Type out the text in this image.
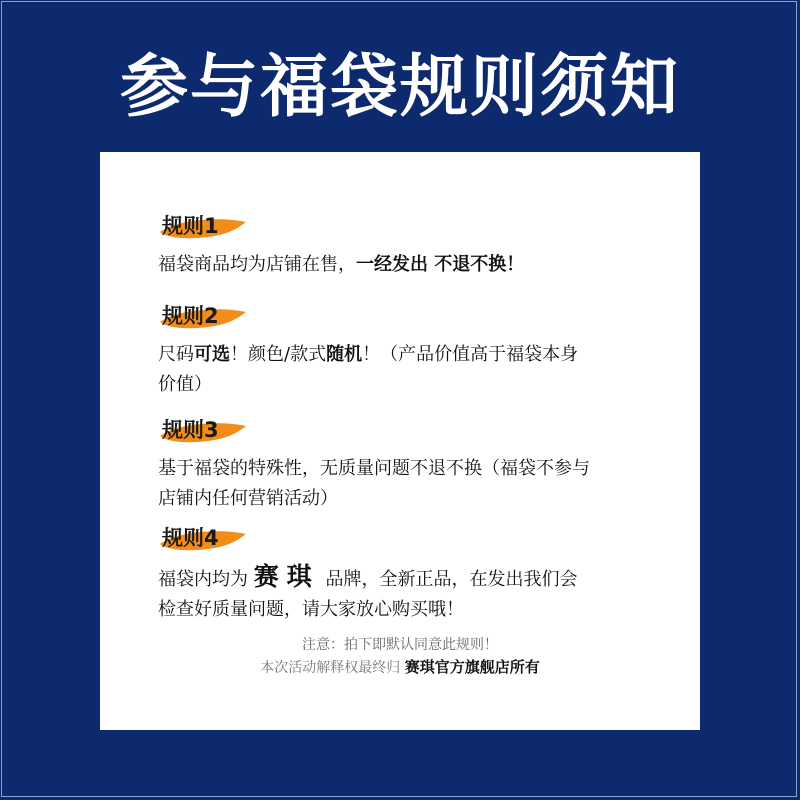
参与福袋规则须知
规则1
福袋商品均为店铺在售，一经发出 不退不换！
规则2
尺码可选！颜色/款式随机！（产品价值高于福袋本身
价值）
规则3
基于福袋的特殊性，无质量问题不退不换（福袋不参与
店铺内任何营销活动）
规则4
福袋内均为 赛琪 品牌，全新正品，在发出我们会
检查好质量问题，请大家放心购买哦！
注意：拍下即默认同意此规则！
本次活动解释权最终归 赛琪官方旗舰店所有
